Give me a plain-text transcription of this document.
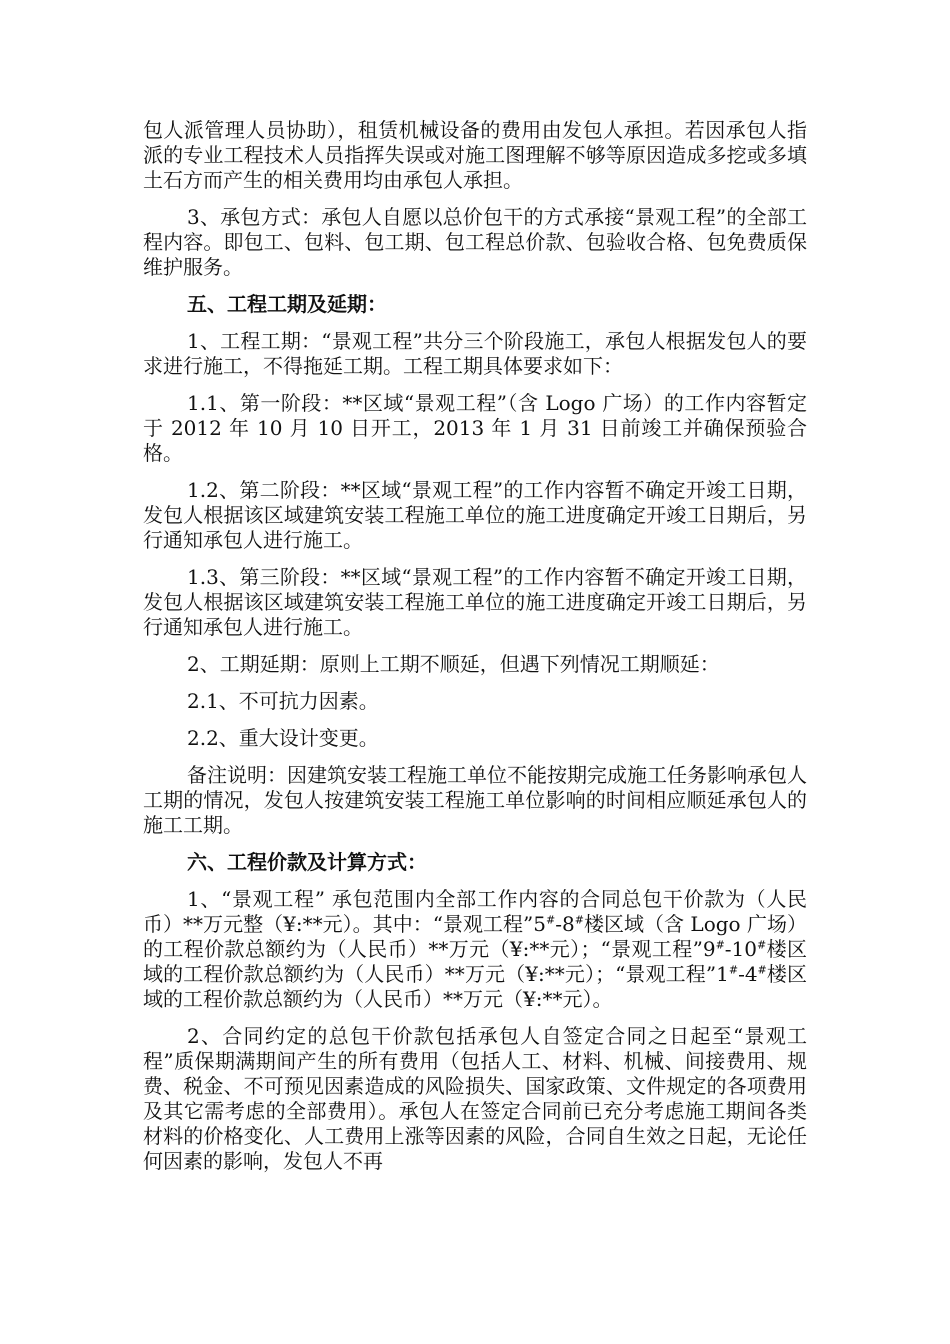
包人派管理人员协助），租赁机械设备的费用由发包人承担。若因承包人指派的专业工程技术人员指挥失误或对施工图理解不够等原因造成多挖或多填土石方而产生的相关费用均由承包人承担。

3、承包方式：承包人自愿以总价包干的方式承接“景观工程”的全部工程内容。即包工、包料、包工期、包工程总价款、包验收合格、包免费质保维护服务。

五、工程工期及延期：

1、工程工期：“景观工程”共分三个阶段施工，承包人根据发包人的要求进行施工，不得拖延工期。工程工期具体要求如下：

1.1、第一阶段：**区域“景观工程”（含 Logo 广场）的工作内容暂定于 2012 年 10 月 10 日开工，2013 年 1 月 31 日前竣工并确保预验合格。

1.2、第二阶段：**区域“景观工程”的工作内容暂不确定开竣工日期，发包人根据该区域建筑安装工程施工单位的施工进度确定开竣工日期后，另行通知承包人进行施工。

1.3、第三阶段：**区域“景观工程”的工作内容暂不确定开竣工日期，发包人根据该区域建筑安装工程施工单位的施工进度确定开竣工日期后，另行通知承包人进行施工。

2、工期延期：原则上工期不顺延，但遇下列情况工期顺延：

2.1、不可抗力因素。

2.2、重大设计变更。

备注说明：因建筑安装工程施工单位不能按期完成施工任务影响承包人工期的情况，发包人按建筑安装工程施工单位影响的时间相应顺延承包人的施工工期。

六、工程价款及计算方式：

1、“景观工程” 承包范围内全部工作内容的合同总包干价款为（人民币）**万元整（¥:**元）。其中：“景观工程”5#-8#楼区域（含 Logo 广场）的工程价款总额约为（人民币）**万元（¥:**元）；“景观工程”9#-10#楼区域的工程价款总额约为（人民币）**万元（¥:**元）；“景观工程”1#-4#楼区域的工程价款总额约为（人民币）**万元（¥:**元）。

2、合同约定的总包干价款包括承包人自签定合同之日起至“景观工程”质保期满期间产生的所有费用（包括人工、材料、机械、间接费用、规费、税金、不可预见因素造成的风险损失、国家政策、文件规定的各项费用及其它需考虑的全部费用）。承包人在签定合同前已充分考虑施工期间各类材料的价格变化、人工费用上涨等因素的风险，合同自生效之日起，无论任何因素的影响，发包人不再
